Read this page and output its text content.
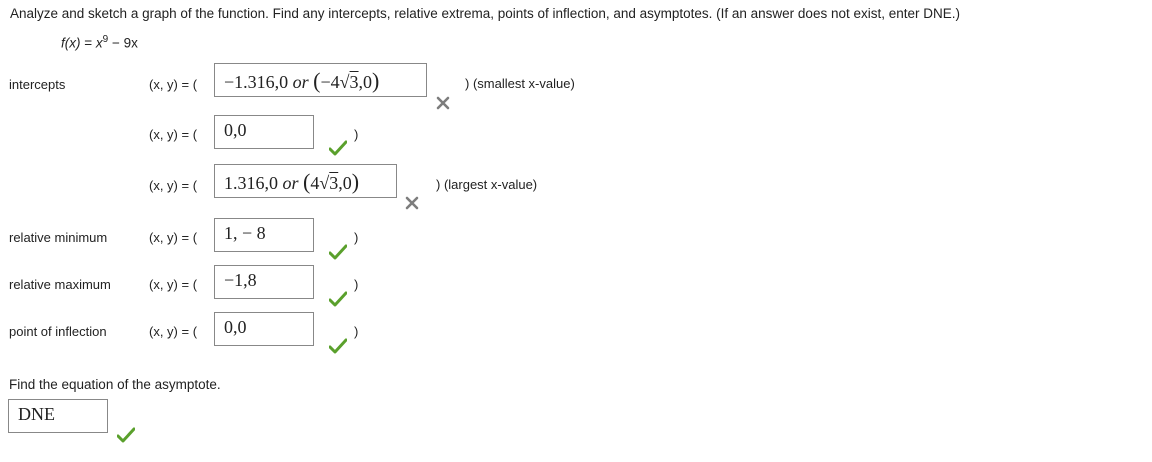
Analyze and sketch a graph of the function. Find any intercepts, relative extrema, points of inflection, and asymptotes. (If an answer does not exist, enter DNE.)
$f(x) = x^9 - 9x$
intercepts	(x, y) = (	−1.316,0 or (−4√3,0)	) (smallest x-value)
(x, y) = (	0,0	)
(x, y) = (	1.316,0 or (4√3,0)	) (largest x-value)
relative minimum	(x, y) = (	1, − 8	)
relative maximum	(x, y) = (	−1,8	)
point of inflection	(x, y) = (	0,0	)
Find the equation of the asymptote.
DNE
